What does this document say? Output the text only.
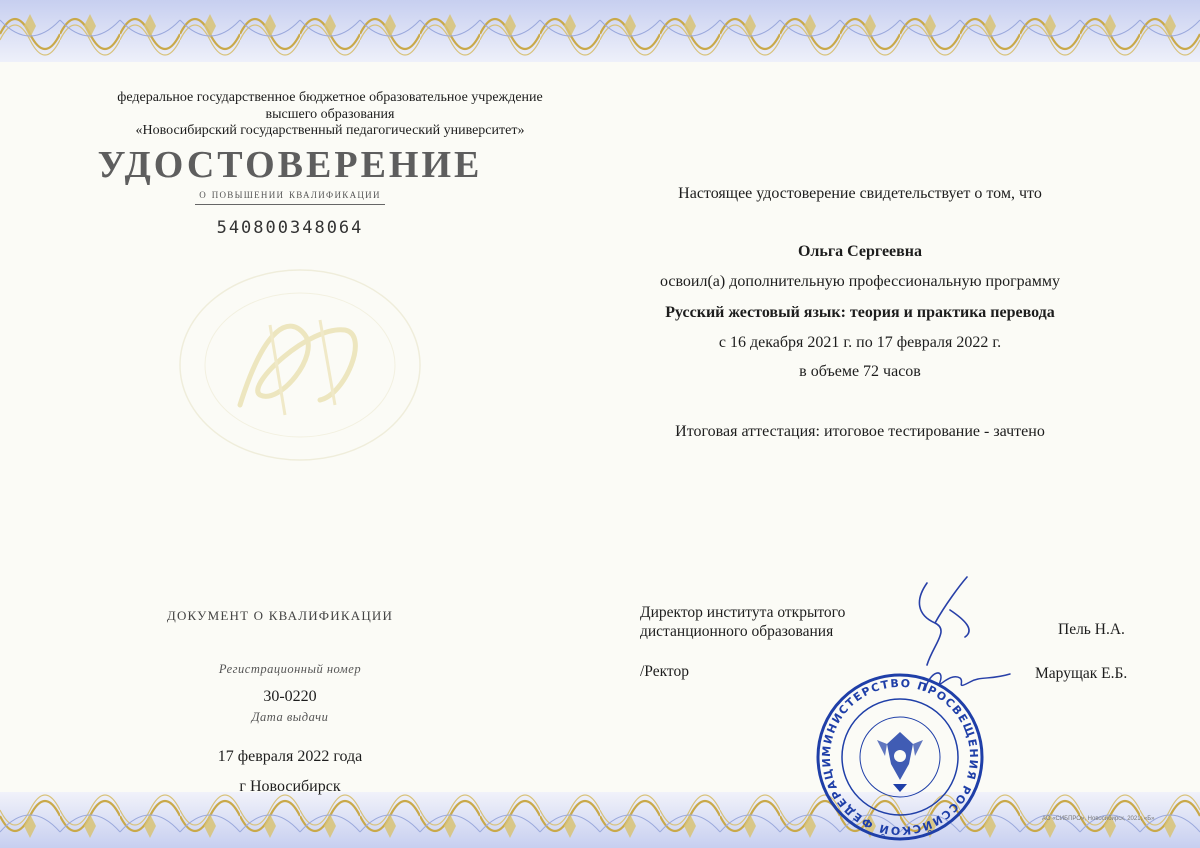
федеральное государственное бюджетное образовательное учреждение
высшего образования
«Новосибирский государственный педагогический университет»

УДОСТОВЕРЕНИЕ

о повышении квалификации

540800348064

ДОКУМЕНТ О КВАЛИФИКАЦИИ

Регистрационный номер

30-0220

Дата выдачи

17 февраля 2022 года

г Новосибирск

Настоящее удостоверение свидетельствует о том, что

Ольга Сергеевна

освоил(а) дополнительную профессиональную программу

Русский жестовый язык: теория и практика перевода

с 16 декабря 2021 г. по 17 февраля 2022 г.

в объеме 72 часов

Итоговая аттестация: итоговое тестирование - зачтено

Директор института открытого
дистанционного образования	Пель Н.А.

/Ректор	Марущак Е.Б.

МИНИСТЕРСТВО ПРОСВЕЩЕНИЯ РОССИЙСКОЙ ФЕДЕРАЦИ

АО «СИБПРО», Новосибирск, 2021, «Б»
